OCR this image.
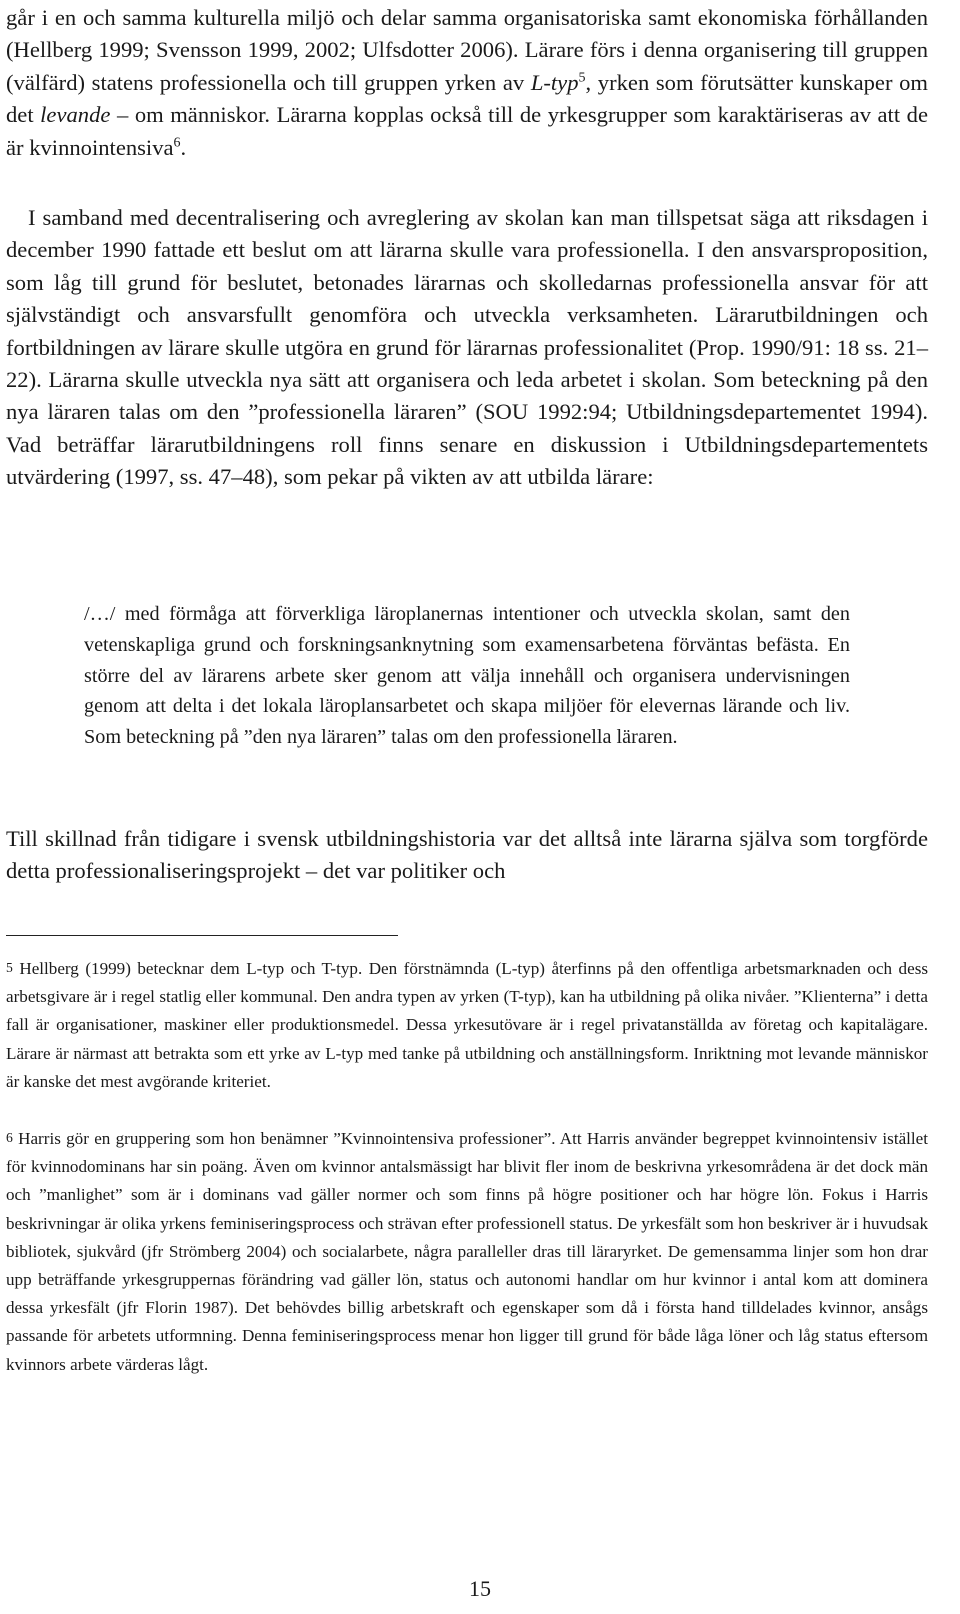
går i en och samma kulturella miljö och delar samma organisatoriska samt ekonomiska förhållanden (Hellberg 1999; Svensson 1999, 2002; Ulfsdotter 2006). Lärare förs i denna organisering till gruppen (välfärd) statens professionella och till gruppen yrken av L-typ$^5$, yrken som förutsätter kunskaper om det levande – om människor. Lärarna kopplas också till de yrkesgrupper som karaktäriseras av att de är kvinnointensiva$^6$.

I samband med decentralisering och avreglering av skolan kan man tillspetsat säga att riksdagen i december 1990 fattade ett beslut om att lärarna skulle vara professionella. I den ansvarsproposition, som låg till grund för beslutet, betonades lärarnas och skolledarnas professionella ansvar för att självständigt och ansvarsfullt genomföra och utveckla verksamheten. Lärarutbildningen och fortbildningen av lärare skulle utgöra en grund för lärarnas professionalitet (Prop. 1990/91: 18 ss. 21–22). Lärarna skulle utveckla nya sätt att organisera och leda arbetet i skolan. Som beteckning på den nya läraren talas om den ”professionella läraren” (SOU 1992:94; Utbildningsdepartementet 1994). Vad beträffar lärarutbildningens roll finns senare en diskussion i Utbildningsdepartementets utvärdering (1997, ss. 47–48), som pekar på vikten av att utbilda lärare:

/…/ med förmåga att förverkliga läroplanernas intentioner och utveckla skolan, samt den vetenskapliga grund och forskningsanknytning som examensarbetena förväntas befästa. En större del av lärarens arbete sker genom att välja innehåll och organisera undervisningen genom att delta i det lokala läroplansarbetet och skapa miljöer för elevernas lärande och liv. Som beteckning på ”den nya läraren” talas om den professionella läraren.

Till skillnad från tidigare i svensk utbildningshistoria var det alltså inte lärarna själva som torgförde detta professionaliseringsprojekt – det var politiker och

5 Hellberg (1999) betecknar dem L-typ och T-typ. Den förstnämnda (L-typ) återfinns på den offentliga arbetsmarknaden och dess arbetsgivare är i regel statlig eller kommunal. Den andra typen av yrken (T-typ), kan ha utbildning på olika nivåer. ”Klienterna” i detta fall är organisationer, maskiner eller produktionsmedel. Dessa yrkesutövare är i regel privatanställda av företag och kapitalägare. Lärare är närmast att betrakta som ett yrke av L-typ med tanke på utbildning och anställningsform. Inriktning mot levande människor är kanske det mest avgörande kriteriet.

6 Harris gör en gruppering som hon benämner ”Kvinnointensiva professioner”. Att Harris använder begreppet kvinnointensiv istället för kvinnodominans har sin poäng. Även om kvinnor antalsmässigt har blivit fler inom de beskrivna yrkesområdena är det dock män och ”manlighet” som är i dominans vad gäller normer och som finns på högre positioner och har högre lön. Fokus i Harris beskrivningar är olika yrkens feminiseringsprocess och strävan efter professionell status. De yrkesfält som hon beskriver är i huvudsak bibliotek, sjukvård (jfr Strömberg 2004) och socialarbete, några paralleller dras till läraryrket. De gemensamma linjer som hon drar upp beträffande yrkesgruppernas förändring vad gäller lön, status och autonomi handlar om hur kvinnor i antal kom att dominera dessa yrkesfält (jfr Florin 1987). Det behövdes billig arbetskraft och egenskaper som då i första hand tilldelades kvinnor, ansågs passande för arbetets utformning. Denna feminiseringsprocess menar hon ligger till grund för både låga löner och låg status eftersom kvinnors arbete värderas lågt.

15
